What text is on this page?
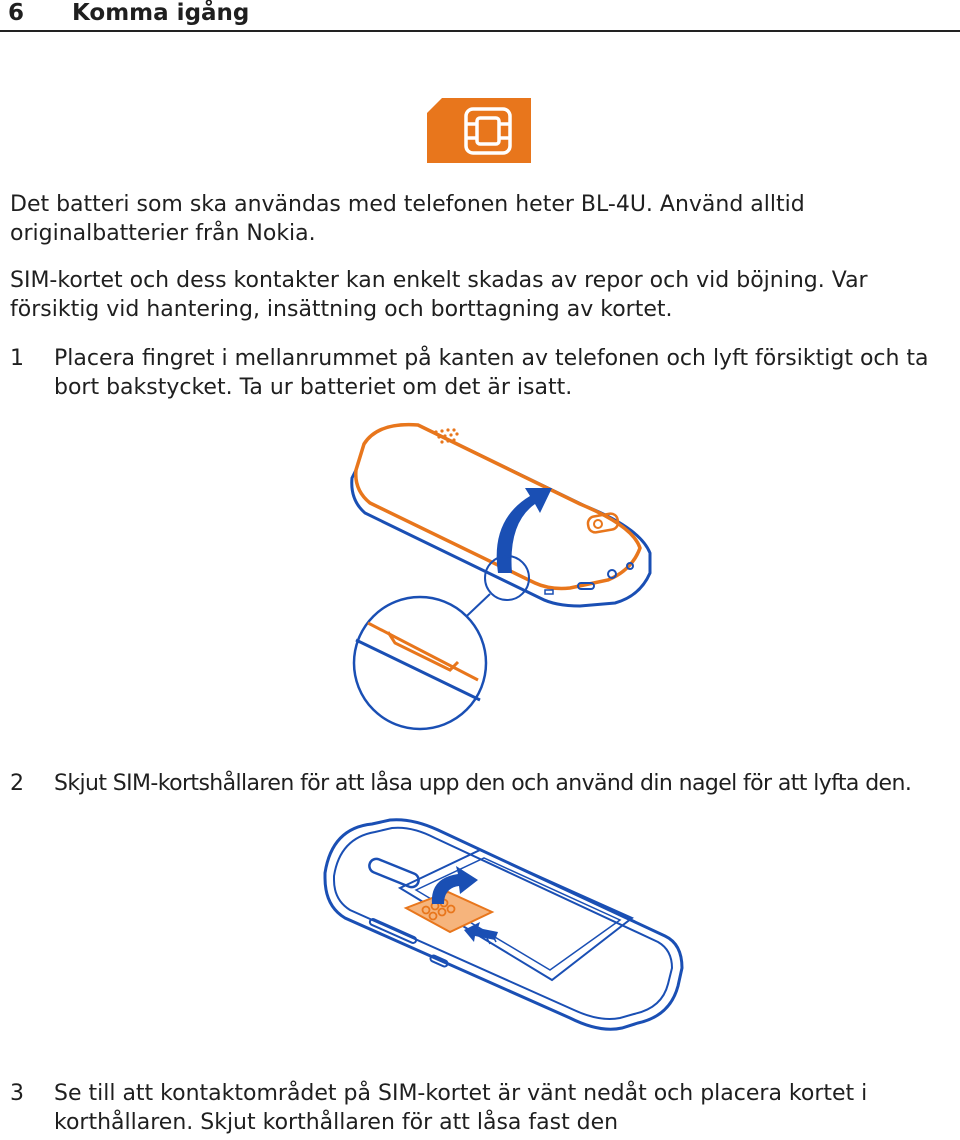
6 Komma igång
Det batteri som ska användas med telefonen heter BL-4U. Använd alltid originalbatterier från Nokia.
SIM-kortet och dess kontakter kan enkelt skadas av repor och vid böjning. Var försiktig vid hantering, insättning och borttagning av kortet.
1	Placera fingret i mellanrummet på kanten av telefonen och lyft försiktigt och ta bort bakstycket. Ta ur batteriet om det är isatt.
2	Skjut SIM-kortshållaren för att låsa upp den och använd din nagel för att lyfta den.
3	Se till att kontaktområdet på SIM-kortet är vänt nedåt och placera kortet i korthållaren. Skjut korthållaren för att låsa fast den
